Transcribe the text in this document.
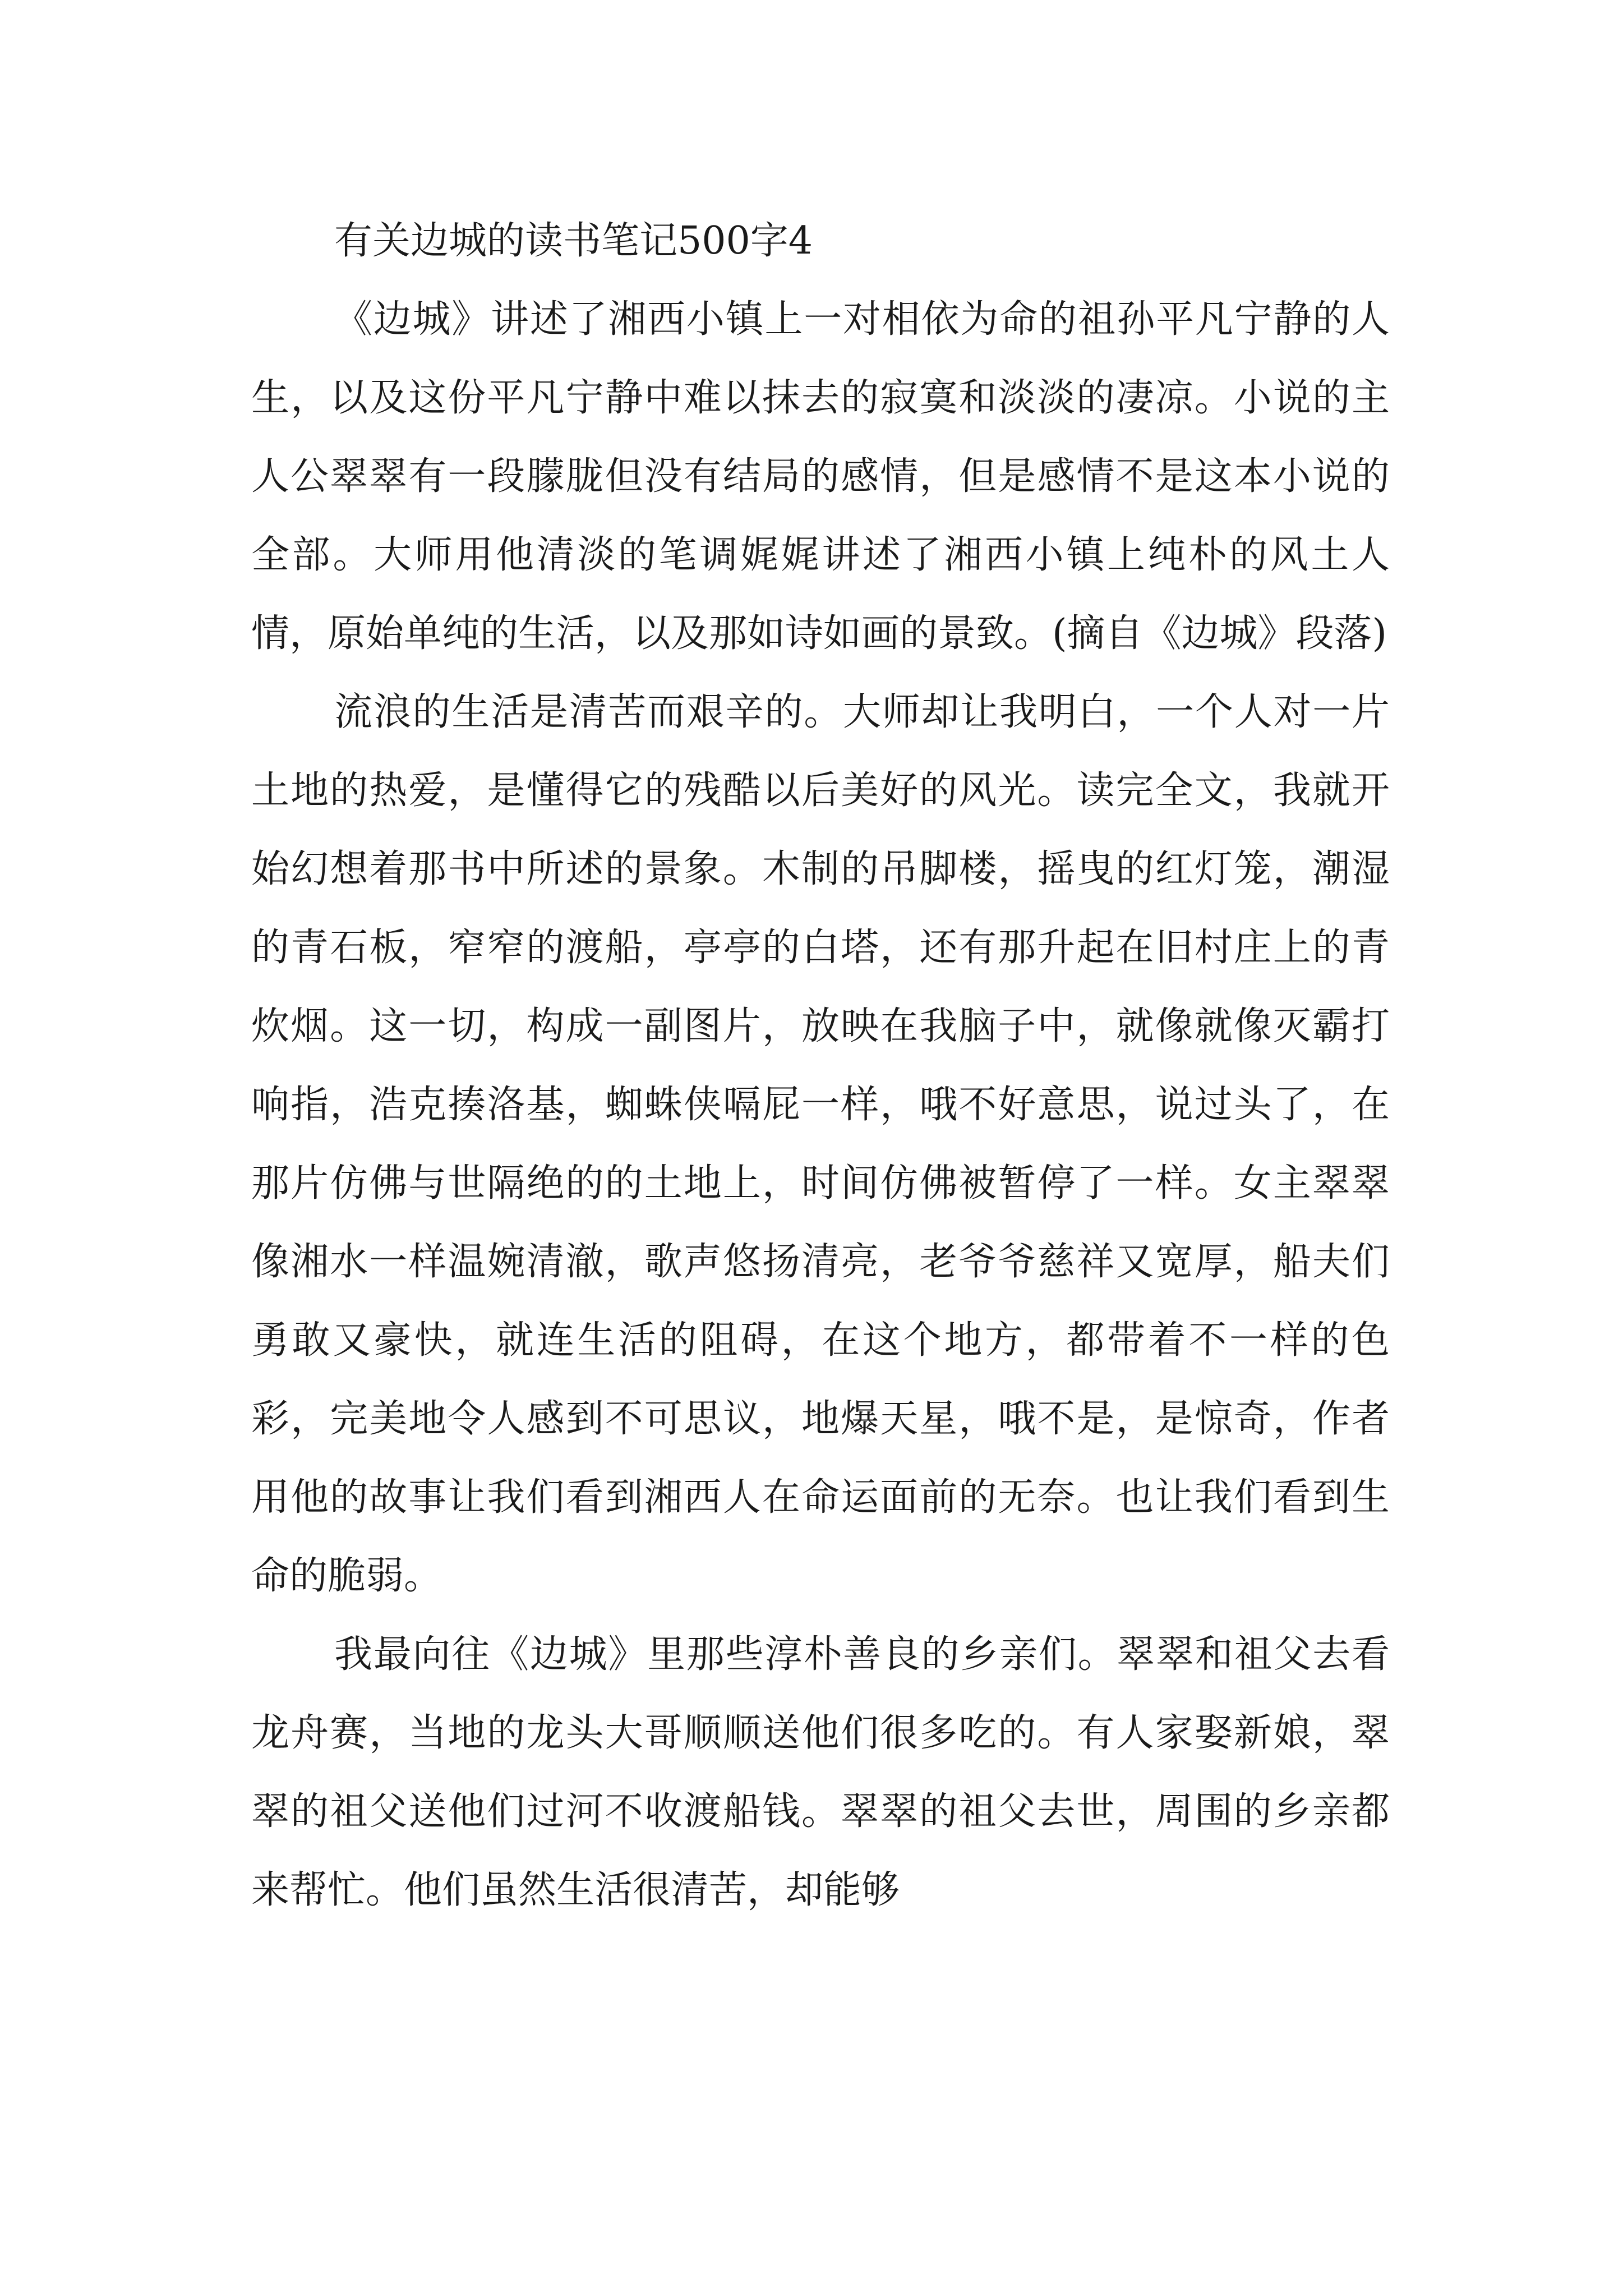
有关边城的读书笔记500字4

《边城》讲述了湘西小镇上一对相依为命的祖孙平凡宁静的人生，以及这份平凡宁静中难以抹去的寂寞和淡淡的凄凉。小说的主人公翠翠有一段朦胧但没有结局的感情，但是感情不是这本小说的全部。大师用他清淡的笔调娓娓讲述了湘西小镇上纯朴的风土人情，原始单纯的生活，以及那如诗如画的景致。(摘自《边城》段落)

流浪的生活是清苦而艰辛的。大师却让我明白，一个人对一片土地的热爱，是懂得它的残酷以后美好的风光。读完全文，我就开始幻想着那书中所述的景象。木制的吊脚楼，摇曳的红灯笼，潮湿的青石板，窄窄的渡船，亭亭的白塔，还有那升起在旧村庄上的青炊烟。这一切，构成一副图片，放映在我脑子中，就像就像灭霸打响指，浩克揍洛基，蜘蛛侠嗝屁一样，哦不好意思，说过头了，在那片仿佛与世隔绝的的土地上，时间仿佛被暂停了一样。女主翠翠像湘水一样温婉清澈，歌声悠扬清亮，老爷爷慈祥又宽厚，船夫们勇敢又豪快，就连生活的阻碍，在这个地方，都带着不一样的色彩，完美地令人感到不可思议，地爆天星，哦不是，是惊奇，作者用他的故事让我们看到湘西人在命运面前的无奈。也让我们看到生命的脆弱。

我最向往《边城》里那些淳朴善良的乡亲们。翠翠和祖父去看龙舟赛，当地的龙头大哥顺顺送他们很多吃的。有人家娶新娘，翠翠的祖父送他们过河不收渡船钱。翠翠的祖父去世，周围的乡亲都来帮忙。他们虽然生活很清苦，却能够
